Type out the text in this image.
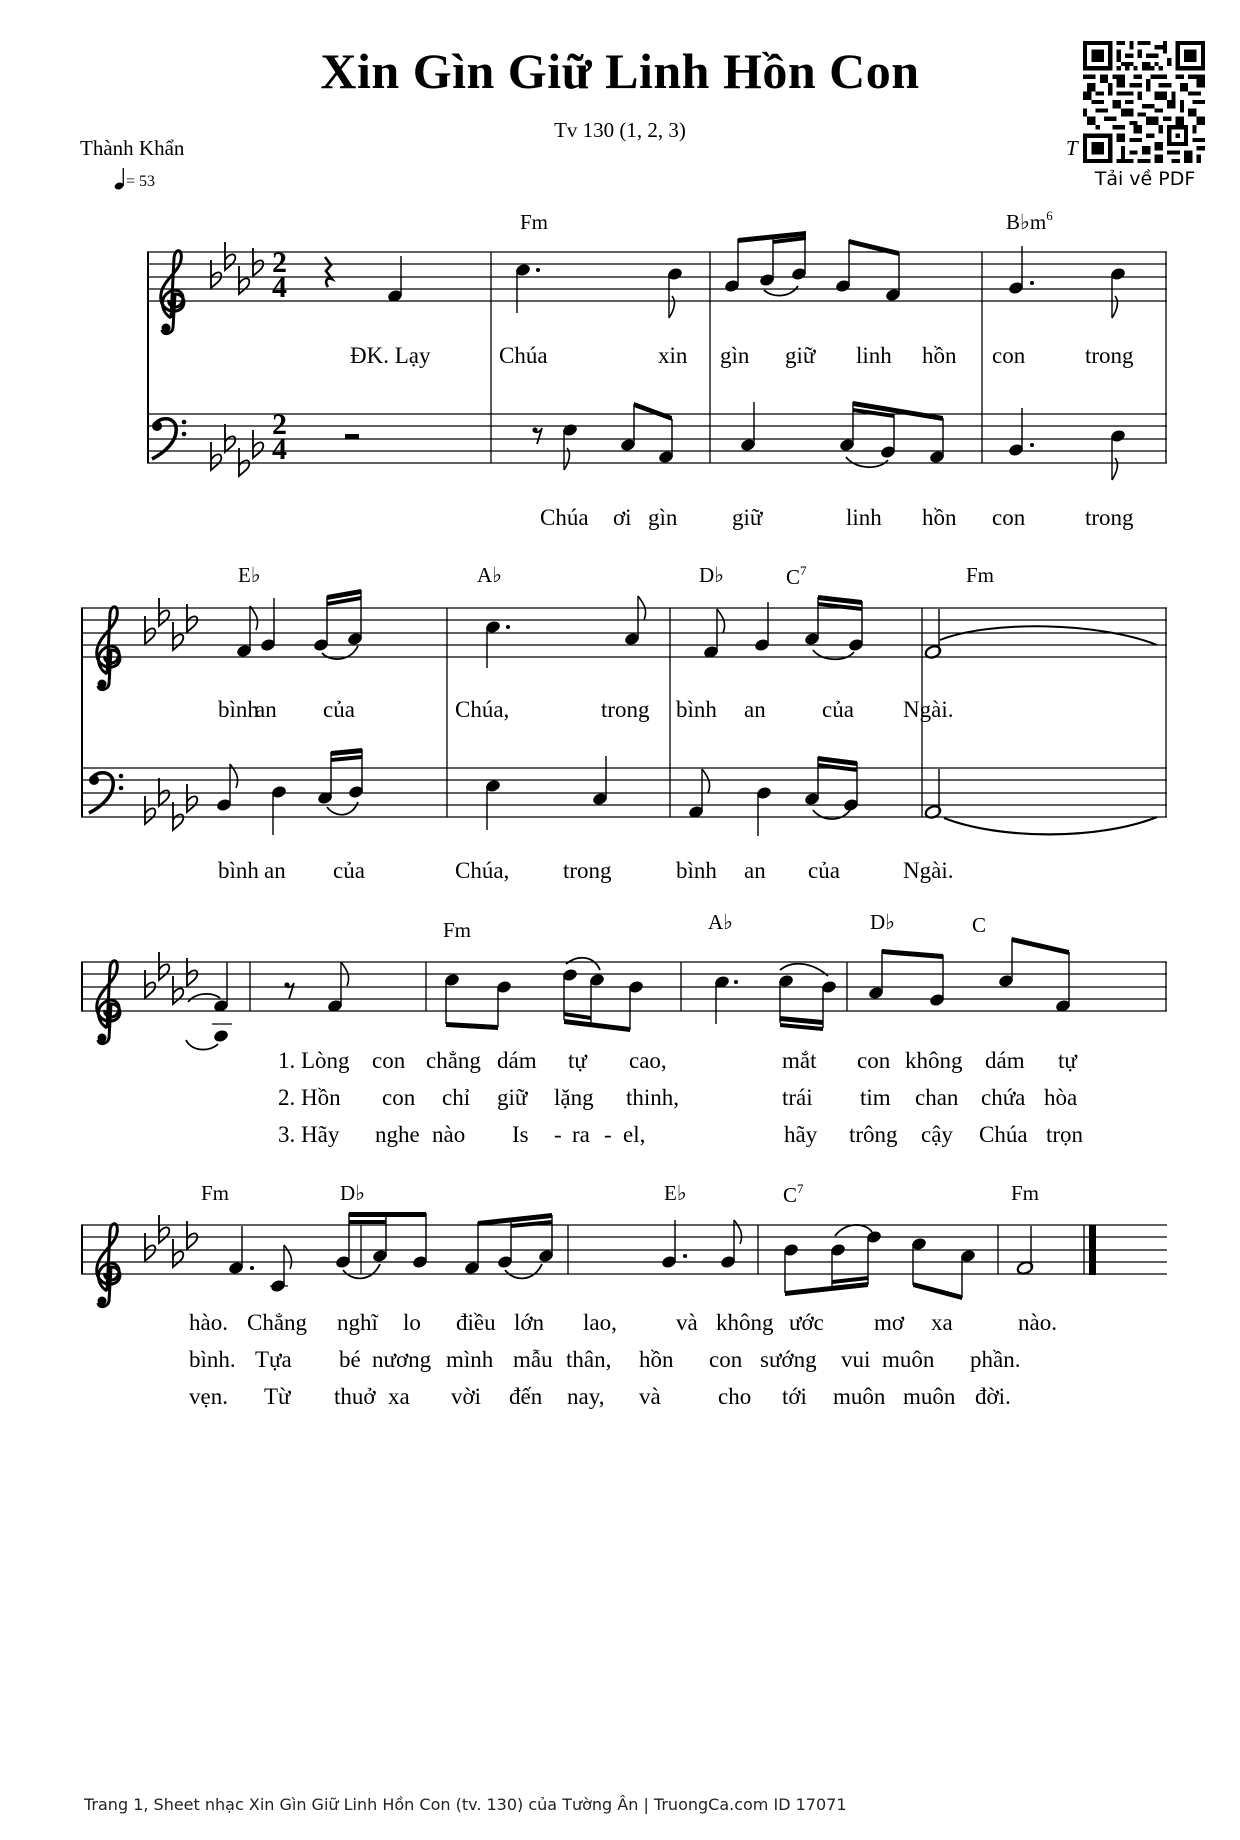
Xin Gìn Giữ Linh Hồn Con
Tv 130 (1, 2, 3)
Thành Khẩn
= 53
T
Tải về PDF
2
4
Fm	$B♭m^6$
ĐK. Lạy	Chúa	xin gìn giữ linh hồn con	trong
Chúa ơi gìn giữ	linh hồn con	trong
E♭	A♭	D♭	$C^7$	Fm
bình
an của	Chúa,	trong bình an của Ngài.
bình an của	Chúa, trong	bình an của	Ngài.
Fm	A♭	D♭	C
1. Lòng con chẳng dám tự cao,	mắt con không dám tự
2. Hồn con chỉ giữ lặng thinh,	trái tim chan chứa hòa
3. Hãy nghe nào Is - ra - el,	hãy trông cậy Chúa trọn
Fm	D♭	E♭	$C^7$	Fm
hào. Chẳng nghĩ lo điều lớn lao,	và không ước mơ xa	nào.
bình. Tựa bé nương mình mẫu thân, hồn con sướng vui muôn phần.
vẹn. Từ thuở xa vời đến nay, và cho tới muôn muôn đời.
Trang 1, Sheet nhạc Xin Gìn Giữ Linh Hồn Con (tv. 130) của Tường Ân | TruongCa.com ID 17071
